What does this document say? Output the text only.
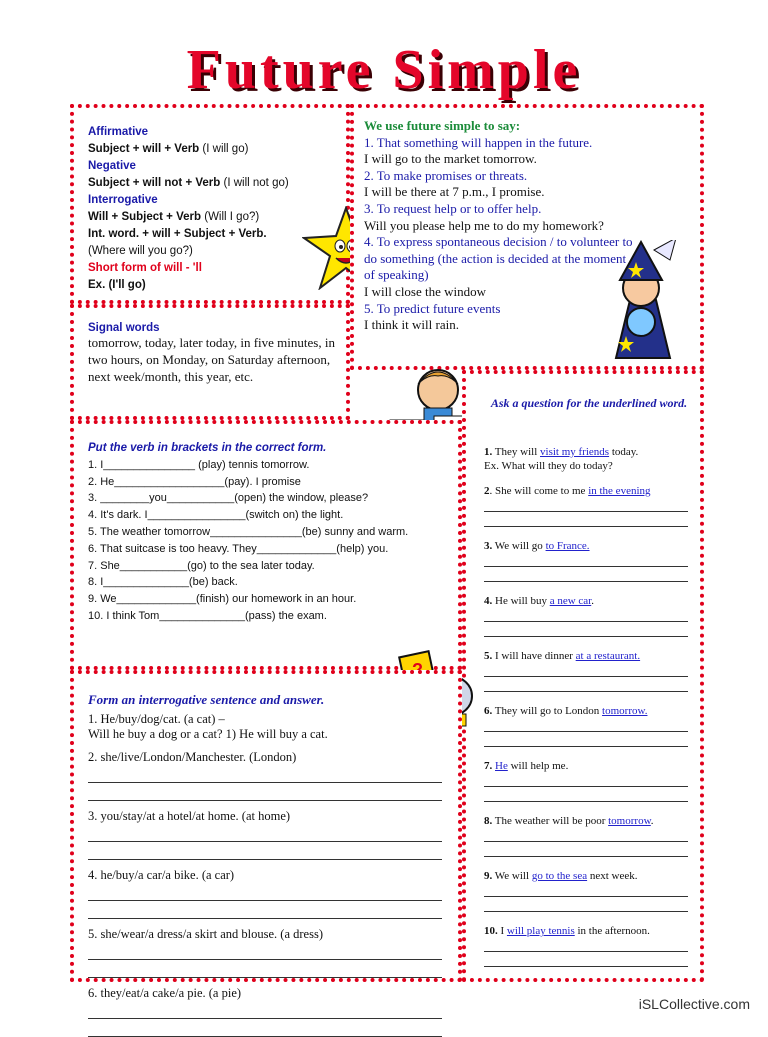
Future Simple
Affirmative
Subject + will + Verb (I will go)
Negative
Subject + will not + Verb (I will not go)
Interrogative
Will + Subject + Verb (Will I go?)
Int. word. + will + Subject + Verb.
(Where will you go?)
Short form of will - 'll
Ex. (I'll go)
We use future simple to say:
1. That something will happen in the future.
I will go to the market tomorrow.
2. To make promises or threats.
I will be there at 7 p.m., I promise.
3. To request help or to offer help.
Will you please help me to do my homework?
4. To express spontaneous decision / to volunteer to do something (the action is decided at the moment of speaking)
I will close the window
5. To predict future events
I think it will rain.
Signal words
tomorrow, today, later today, in five minutes, in two hours, on Monday, on Saturday afternoon, next week/month, this year, etc.
Ask a question for the underlined word.
1. They will visit my friends today.
Ex. What will they do today?
2. She will come to me in the evening
3. We will go to France.
4. He will buy a new car.
5. I will have dinner at a restaurant.
6. They will go to London tomorrow.
7. He will help me.
8. The weather will be poor tomorrow.
9. We will go to the sea next week.
10. I will play tennis in the afternoon.
Put the verb in brackets in the correct form.
1. I_______________ (play) tennis tomorrow.
2. He__________________(pay). I promise
3. ________you___________(open) the window, please?
4. It's dark. I________________(switch on) the light.
5. The weather tomorrow_______________(be) sunny and warm.
6. That suitcase is too heavy. They_____________(help) you.
7. She___________(go) to the sea later today.
8. I______________(be) back.
9. We_____________(finish) our homework in an hour.
10. I think Tom______________(pass) the exam.
Form an interrogative sentence and answer.
1. He/buy/dog/cat. (a cat) –
Will he buy a dog or a cat? 1) He will buy a cat.
2. she/live/London/Manchester. (London)
3. you/stay/at a hotel/at home. (at home)
4. he/buy/a car/a bike. (a car)
5. she/wear/a dress/a skirt and blouse. (a dress)
6. they/eat/a cake/a pie. (a pie)
iSLCollective.com
